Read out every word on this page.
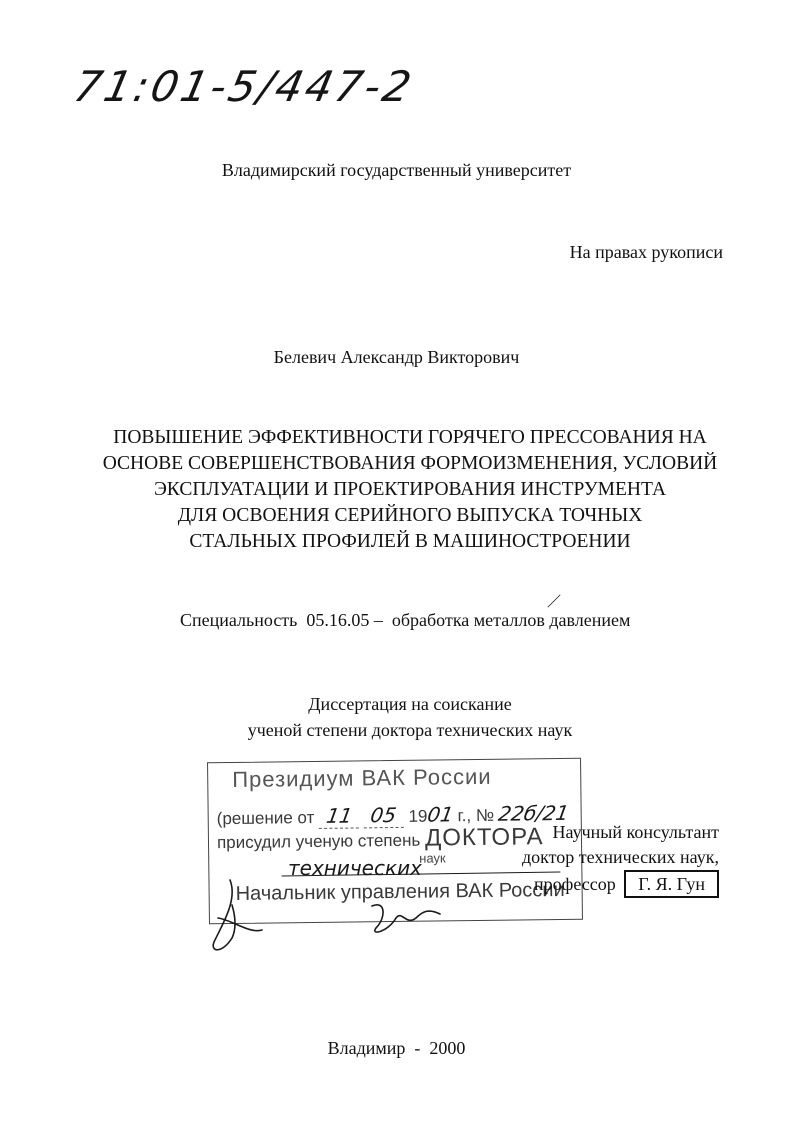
71:01-5/447-2
Владимирский государственный университет
На правах рукописи
Белевич Александр Викторович
ПОВЫШЕНИЕ ЭФФЕКТИВНОСТИ ГОРЯЧЕГО ПРЕССОВАНИЯ НА
ОСНОВЕ СОВЕРШЕНСТВОВАНИЯ ФОРМОИЗМЕНЕНИЯ, УСЛОВИЙ
ЭКСПЛУАТАЦИИ И ПРОЕКТИРОВАНИЯ ИНСТРУМЕНТА
ДЛЯ ОСВОЕНИЯ СЕРИЙНОГО ВЫПУСКА ТОЧНЫХ
СТАЛЬНЫХ ПРОФИЛЕЙ В МАШИНОСТРОЕНИИ
Специальность  05.16.05 –  обработка металлов давлением
Диссертация на соискание
ученой степени доктора технических наук
Президиум ВАК России
(решение от 11 05 1901 г., № 22б/21
присудил ученую степень ДОКТОРА
наук
Начальник управления ВАК России
технических
Научный консультант
доктор технических наук,
профессор Г. Я. Гун
Владимир  -  2000
